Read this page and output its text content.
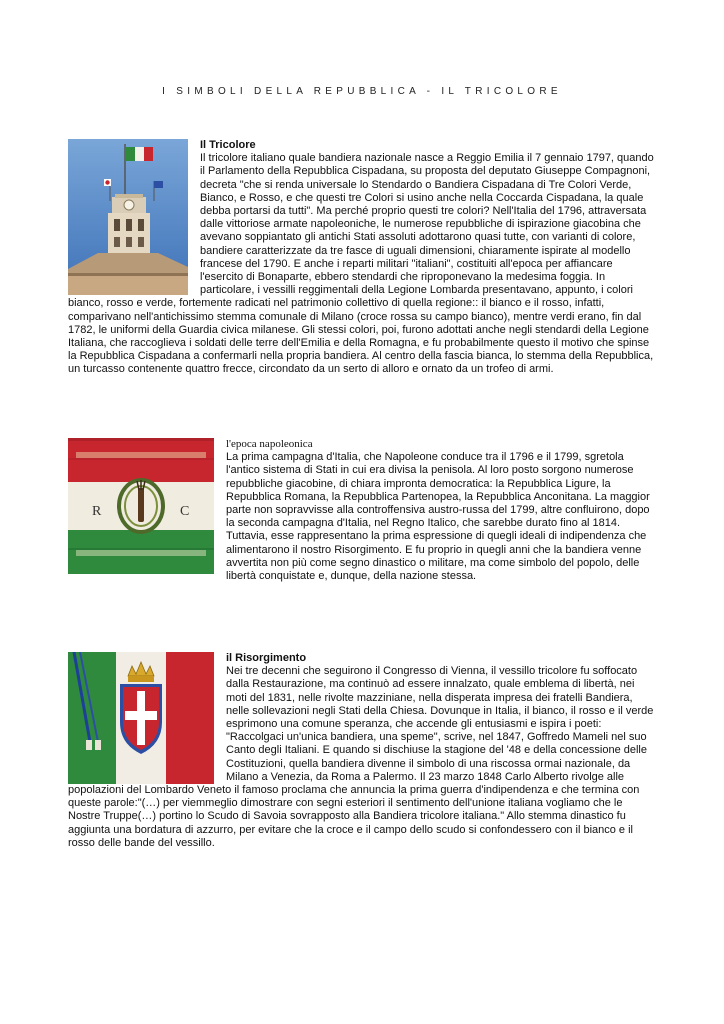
I SIMBOLI DELLA REPUBBLICA - IL TRICOLORE

Il Tricolore

Il tricolore italiano quale bandiera nazionale nasce a Reggio Emilia il 7 gennaio 1797, quando il Parlamento della Repubblica Cispadana, su proposta del deputato Giuseppe Compagnoni, decreta "che si renda universale lo Stendardo o Bandiera Cispadana di Tre Colori Verde, Bianco, e Rosso, e che questi tre Colori si usino anche nella Coccarda Cispadana, la quale debba portarsi da tutti". Ma perché proprio questi tre colori? Nell'Italia del 1796, attraversata dalle vittoriose armate napoleoniche, le numerose repubbliche di ispirazione giacobina che avevano soppiantato gli antichi Stati assoluti adottarono quasi tutte, con varianti di colore, bandiere caratterizzate da tre fasce di uguali dimensioni, chiaramente ispirate al modello francese del 1790. E anche i reparti militari "italiani", costituiti all'epoca per affiancare l'esercito di Bonaparte, ebbero stendardi che riproponevano la medesima foggia. In particolare, i vessilli reggimentali della Legione Lombarda presentavano, appunto, i colori bianco, rosso e verde, fortemente radicati nel patrimonio collettivo di quella regione:: il bianco e il rosso, infatti, comparivano nell'antichissimo stemma comunale di Milano (croce rossa su campo bianco), mentre verdi erano, fin dal 1782, le uniformi della Guardia civica milanese. Gli stessi colori, poi, furono adottati anche negli stendardi della Legione Italiana, che raccoglieva i soldati delle terre dell'Emilia e della Romagna, e fu probabilmente questo il motivo che spinse la Repubblica Cispadana a confermarli nella propria bandiera. Al centro della fascia bianca, lo stemma della Repubblica, un turcasso contenente quattro frecce, circondato da un serto di alloro e ornato da un trofeo di armi.

R	C

l'epoca napoleonica

La prima campagna d'Italia, che Napoleone conduce tra il 1796 e il 1799, sgretola l'antico sistema di Stati in cui era divisa la penisola. Al loro posto sorgono numerose repubbliche giacobine, di chiara impronta democratica: la Repubblica Ligure, la Repubblica Romana, la Repubblica Partenopea, la Repubblica Anconitana. La maggior parte non sopravvisse alla controffensiva austro-russa del 1799, altre confluirono, dopo la seconda campagna d'Italia, nel Regno Italico, che sarebbe durato fino al 1814. Tuttavia, esse rappresentano la prima espressione di quegli ideali di indipendenza che alimentarono il nostro Risorgimento. E fu proprio in quegli anni che la bandiera venne avvertita non più come segno dinastico o militare, ma come simbolo del popolo, delle libertà conquistate e, dunque, della nazione stessa.

il Risorgimento

Nei tre decenni che seguirono il Congresso di Vienna, il vessillo tricolore fu soffocato dalla Restaurazione, ma continuò ad essere innalzato, quale emblema di libertà, nei moti del 1831, nelle rivolte mazziniane, nella disperata impresa dei fratelli Bandiera, nelle sollevazioni negli Stati della Chiesa. Dovunque in Italia, il bianco, il rosso e il verde esprimono una comune speranza, che accende gli entusiasmi e ispira i poeti: "Raccolgaci un'unica bandiera, una speme", scrive, nel 1847, Goffredo Mameli nel suo Canto degli Italiani. E quando si dischiuse la stagione del '48 e della concessione delle Costituzioni, quella bandiera divenne il simbolo di una riscossa ormai nazionale, da Milano a Venezia, da Roma a Palermo. Il 23 marzo 1848 Carlo Alberto rivolge alle popolazioni del Lombardo Veneto il famoso proclama che annuncia la prima guerra d'indipendenza e che termina con queste parole:"(…) per viemmeglio dimostrare con segni esteriori il sentimento dell'unione italiana vogliamo che le Nostre Truppe(…) portino lo Scudo di Savoia sovrapposto alla Bandiera tricolore italiana." Allo stemma dinastico fu aggiunta una bordatura di azzurro, per evitare che la croce e il campo dello scudo si confondessero con il bianco e il rosso delle bande del vessillo.
